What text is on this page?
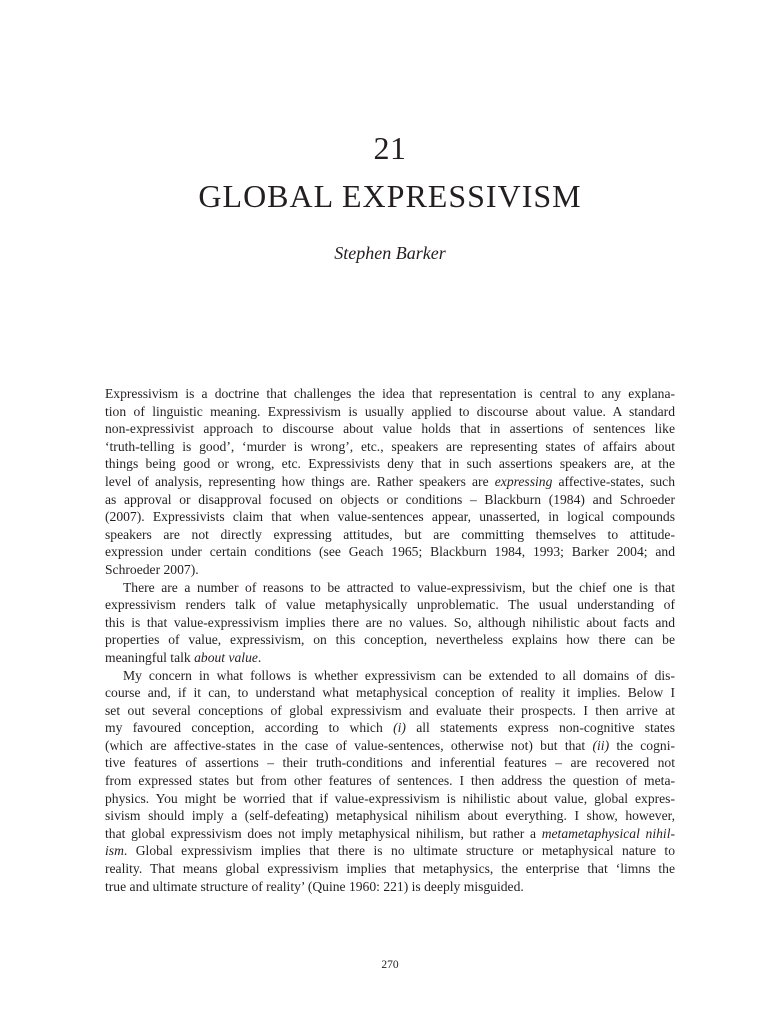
21
GLOBAL EXPRESSIVISM
Stephen Barker
Expressivism is a doctrine that challenges the idea that representation is central to any explana-
tion of linguistic meaning. Expressivism is usually applied to discourse about value. A standard
non-expressivist approach to discourse about value holds that in assertions of sentences like
‘truth-telling is good’, ‘murder is wrong’, etc., speakers are representing states of affairs about
things being good or wrong, etc. Expressivists deny that in such assertions speakers are, at the
level of analysis, representing how things are. Rather speakers are expressing affective-states, such
as approval or disapproval focused on objects or conditions – Blackburn (1984) and Schroeder
(2007). Expressivists claim that when value-sentences appear, unasserted, in logical compounds
speakers are not directly expressing attitudes, but are committing themselves to attitude-
expression under certain conditions (see Geach 1965; Blackburn 1984, 1993; Barker 2004; and
Schroeder 2007).
There are a number of reasons to be attracted to value-expressivism, but the chief one is that
expressivism renders talk of value metaphysically unproblematic. The usual understanding of
this is that value-expressivism implies there are no values. So, although nihilistic about facts and
properties of value, expressivism, on this conception, nevertheless explains how there can be
meaningful talk about value.
My concern in what follows is whether expressivism can be extended to all domains of dis-
course and, if it can, to understand what metaphysical conception of reality it implies. Below I
set out several conceptions of global expressivism and evaluate their prospects. I then arrive at
my favoured conception, according to which (i) all statements express non-cognitive states
(which are affective-states in the case of value-sentences, otherwise not) but that (ii) the cogni-
tive features of assertions – their truth-conditions and inferential features – are recovered not
from expressed states but from other features of sentences. I then address the question of meta-
physics. You might be worried that if value-expressivism is nihilistic about value, global expres-
sivism should imply a (self-defeating) metaphysical nihilism about everything. I show, however,
that global expressivism does not imply metaphysical nihilism, but rather a metametaphysical nihil-
ism. Global expressivism implies that there is no ultimate structure or metaphysical nature to
reality. That means global expressivism implies that metaphysics, the enterprise that ‘limns the
true and ultimate structure of reality’ (Quine 1960: 221) is deeply misguided.
270
